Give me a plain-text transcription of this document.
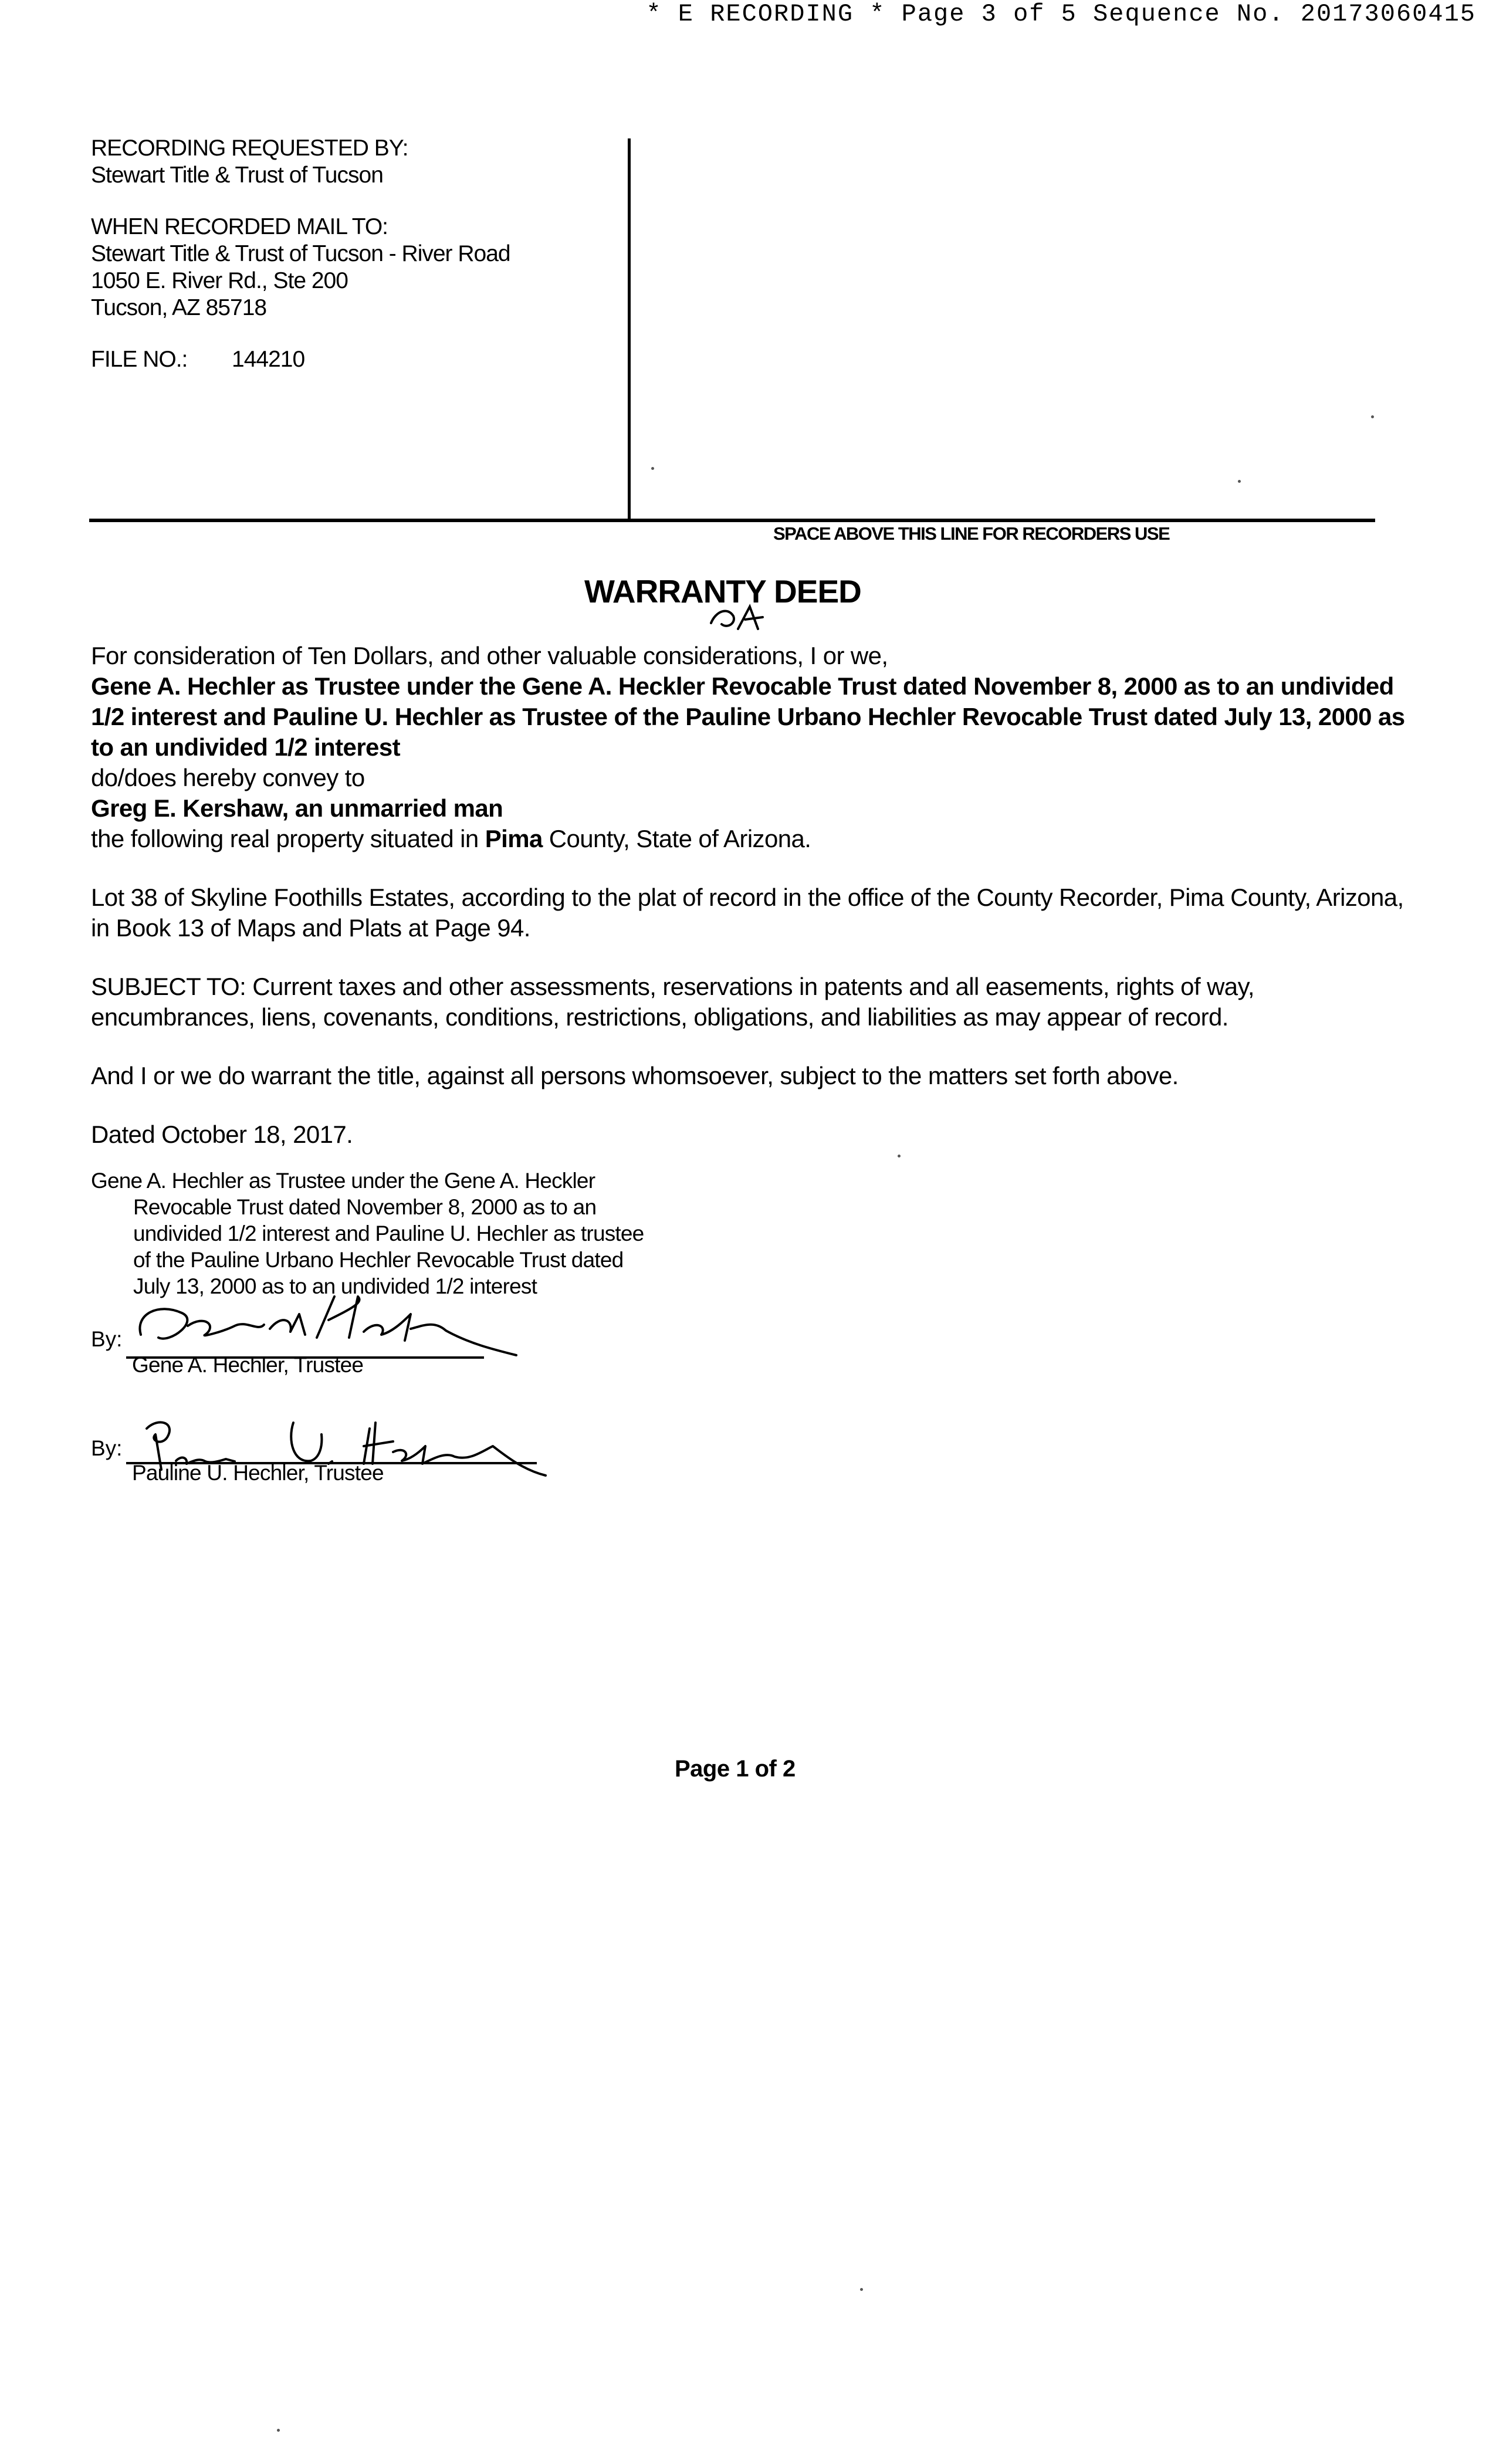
* E RECORDING * Page 3 of 5 Sequence No. 20173060415
RECORDING REQUESTED BY:
Stewart Title & Trust of Tucson
WHEN RECORDED MAIL TO:
Stewart Title & Trust of Tucson - River Road
1050 E. River Rd., Ste 200
Tucson, AZ 85718
FILE NO.: 144210
SPACE ABOVE THIS LINE FOR RECORDERS USE
WARRANTY DEED

For consideration of Ten Dollars, and other valuable considerations, I or we,

Gene A. Hechler as Trustee under the Gene A. Heckler Revocable Trust dated November 8, 2000 as to an undivided 1/2 interest and Pauline U. Hechler as Trustee of the Pauline Urbano Hechler Revocable Trust dated July 13, 2000 as to an undivided 1/2 interest

do/does hereby convey to

Greg E. Kershaw, an unmarried man

the following real property situated in Pima County, State of Arizona.

Lot 38 of Skyline Foothills Estates, according to the plat of record in the office of the County Recorder, Pima County, Arizona, in Book 13 of Maps and Plats at Page 94.

SUBJECT TO: Current taxes and other assessments, reservations in patents and all easements, rights of way, encumbrances, liens, covenants, conditions, restrictions, obligations, and liabilities as may appear of record.

And I or we do warrant the title, against all persons whomsoever, subject to the matters set forth above.

Dated October 18, 2017.

Gene A. Hechler as Trustee under the Gene A. Heckler
Revocable Trust dated November 8, 2000 as to an
undivided 1/2 interest and Pauline U. Hechler as trustee
of the Pauline Urbano Hechler Revocable Trust dated
July 13, 2000 as to an undivided 1/2 interest
By:
Gene A. Hechler, Trustee
By:
Pauline U. Hechler, Trustee
Page 1 of 2
